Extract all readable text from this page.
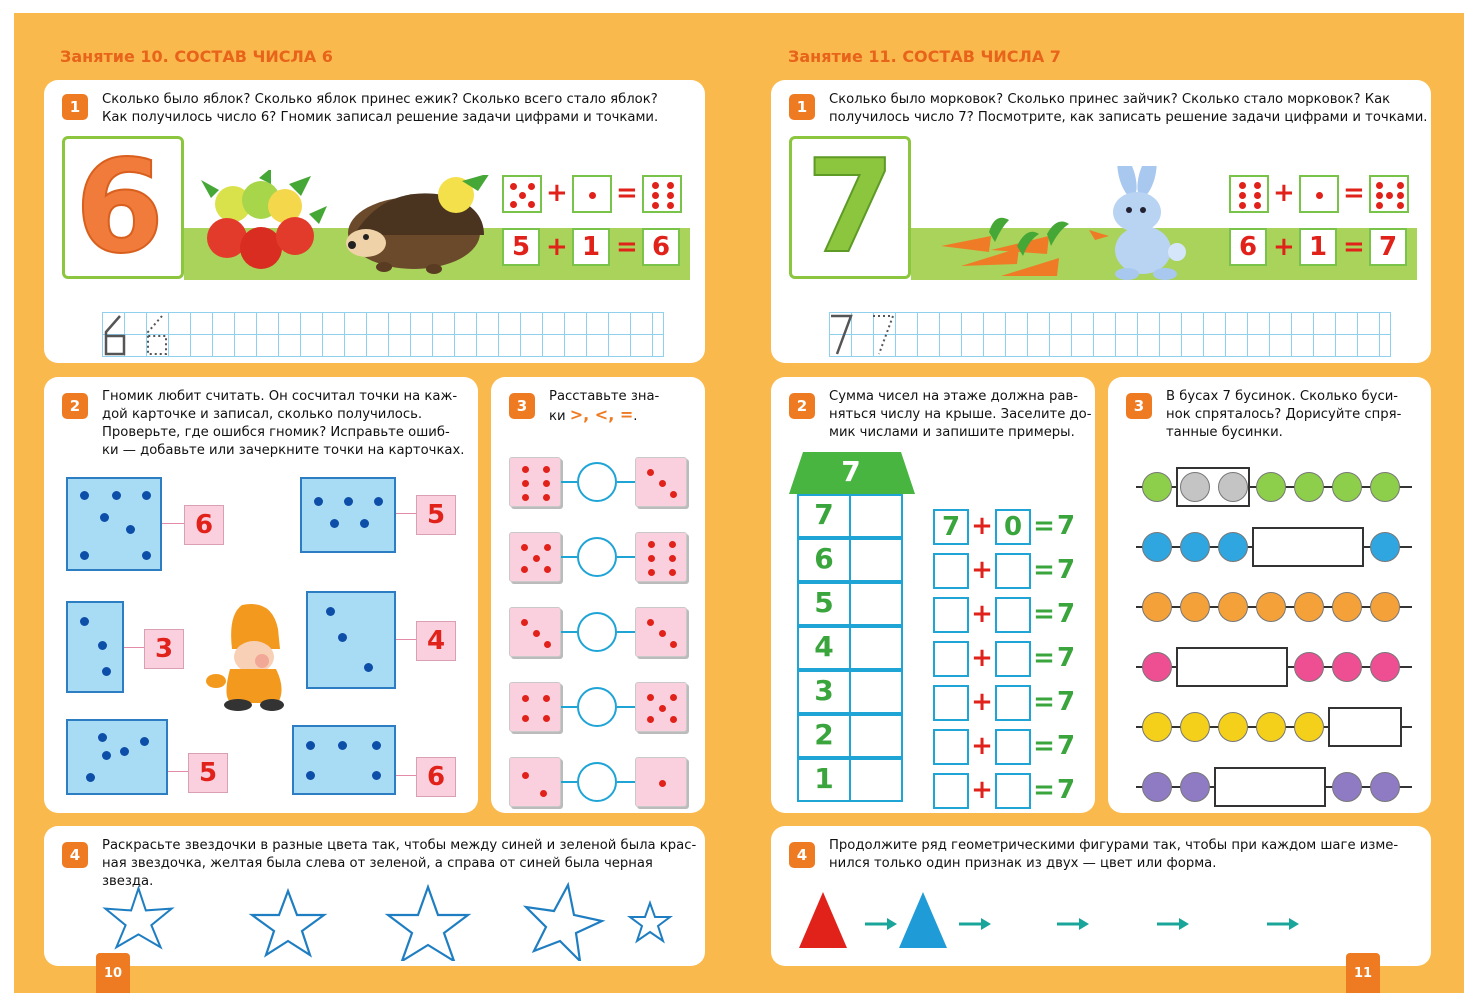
Занятие 10. СОСТАВ ЧИСЛА 6
1	Сколько было яблок? Сколько яблок принес ежик? Сколько всего стало яблок?
Как получилось число 6? Гномик записал решение задачи цифрами и точками.
6	+ =
5 + 1 = 6
2
Гномик любит считать. Он сосчитал точки на каж-
дой карточке и записал, сколько получилось.
Проверьте, где ошибся гномик? Исправьте ошиб-
ки — добавьте или зачеркните точки на карточках.
6	5
3	4
5	6
3
Расставьте зна-
ки >, <, =.
4
Раскрасьте звездочки в разные цвета так, чтобы между синей и зеленой была крас-
ная звездочка, желтая была слева от зеленой, а справа от синей была черная звезда.
10
Занятие 11. СОСТАВ ЧИСЛА 7
1	Сколько было морковок? Сколько принес зайчик? Сколько стало морковок? Как
получилось число 7? Посмотрите, как записать решение задачи цифрами и точками.
7	+ =
6 + 1 = 7
2
Сумма чисел на этаже должна рав-
няться числу на крыше. Заселите до-
мик числами и запишите примеры.
7
7
6
5
4
3
2
1
7 + 0 = 7
+ = 7
+ = 7
+ = 7
+ = 7
+ = 7
+ = 7
3
В бусах 7 бусинок. Сколько буси-
нок спряталось? Дорисуйте спря-
танные бусинки.
4
Продолжите ряд геометрическими фигурами так, чтобы при каждом шаге изме-
нился только один признак из двух — цвет или форма.
11
